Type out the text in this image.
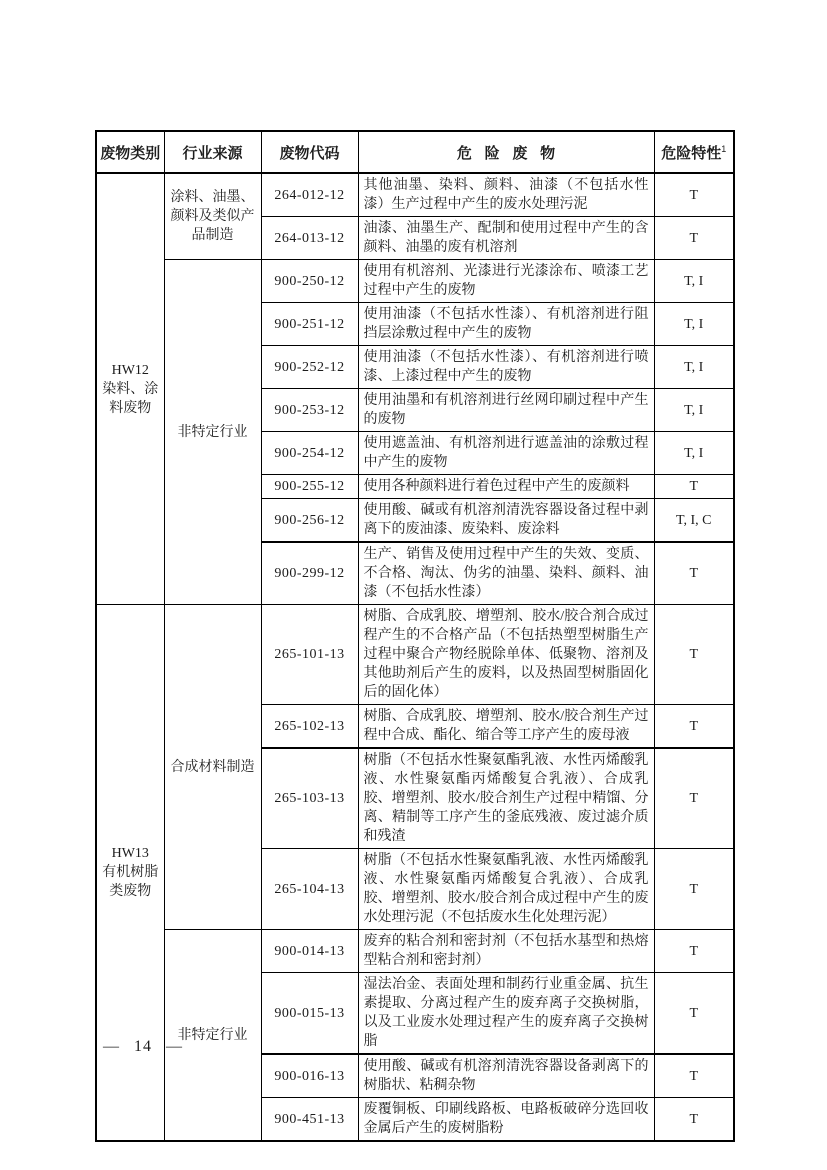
废物类别	行业来源	废物代码	危险废物	危险特性$^1$

HW12
染料、涂料废物	涂料、油墨、颜料及类似产品制造	264-012-12	其他油墨、染料、颜料、油漆（不包括水性漆）生产过程中产生的废水处理污泥	T
		264-013-12	油漆、油墨生产、配制和使用过程中产生的含颜料、油墨的废有机溶剂	T
	非特定行业	900-250-12	使用有机溶剂、光漆进行光漆涂布、喷漆工艺过程中产生的废物	T, I
		900-251-12	使用油漆（不包括水性漆）、有机溶剂进行阻挡层涂敷过程中产生的废物	T, I
		900-252-12	使用油漆（不包括水性漆）、有机溶剂进行喷漆、上漆过程中产生的废物	T, I
		900-253-12	使用油墨和有机溶剂进行丝网印刷过程中产生的废物	T, I
		900-254-12	使用遮盖油、有机溶剂进行遮盖油的涂敷过程中产生的废物	T, I
		900-255-12	使用各种颜料进行着色过程中产生的废颜料	T
		900-256-12	使用酸、碱或有机溶剂清洗容器设备过程中剥离下的废油漆、废染料、废涂料	T, I, C
		900-299-12	生产、销售及使用过程中产生的失效、变质、不合格、淘汰、伪劣的油墨、染料、颜料、油漆（不包括水性漆）	T

HW13
有机树脂类废物	合成材料制造	265-101-13	树脂、合成乳胶、增塑剂、胶水/胶合剂合成过程产生的不合格产品（不包括热塑型树脂生产过程中聚合产物经脱除单体、低聚物、溶剂及其他助剂后产生的废料，以及热固型树脂固化后的固化体）	T
		265-102-13	树脂、合成乳胶、增塑剂、胶水/胶合剂生产过程中合成、酯化、缩合等工序产生的废母液	T
		265-103-13	树脂（不包括水性聚氨酯乳液、水性丙烯酸乳液、水性聚氨酯丙烯酸复合乳液）、合成乳胶、增塑剂、胶水/胶合剂生产过程中精馏、分离、精制等工序产生的釜底残液、废过滤介质和残渣	T
		265-104-13	树脂（不包括水性聚氨酯乳液、水性丙烯酸乳液、水性聚氨酯丙烯酸复合乳液）、合成乳胶、增塑剂、胶水/胶合剂合成过程中产生的废水处理污泥（不包括废水生化处理污泥）	T
	非特定行业	900-014-13	废弃的粘合剂和密封剂（不包括水基型和热熔型粘合剂和密封剂）	T
		900-015-13	湿法冶金、表面处理和制药行业重金属、抗生素提取、分离过程产生的废弃离子交换树脂，以及工业废水处理过程产生的废弃离子交换树脂	T
		900-016-13	使用酸、碱或有机溶剂清洗容器设备剥离下的树脂状、粘稠杂物	T
		900-451-13	废覆铜板、印刷线路板、电路板破碎分选回收金属后产生的废树脂粉	T
— 14 —
